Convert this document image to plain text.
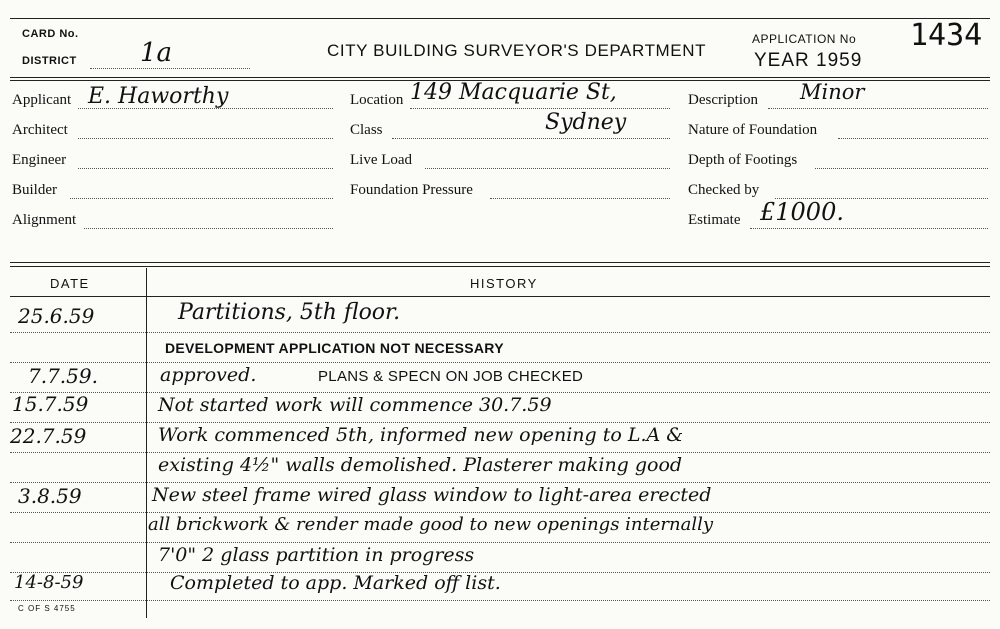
CARD No.
DISTRICT 1a	CITY BUILDING SURVEYOR'S DEPARTMENT
APPLICATION No 1434
YEAR 1959
Applicant E. Haworthy
Architect
Engineer
Builder
Alignment
Location 149 Macquarie St,
Sydney
Class
Live Load
Foundation Pressure
Description Minor
Nature of Foundation
Depth of Footings
Checked by
Estimate £1000.
DATE	HISTORY
25.6.59	Partitions, 5th floor.
DEVELOPMENT APPLICATION NOT NECESSARY
7.7.59.	approved.	PLANS & SPECN ON JOB CHECKED
15.7.59	Not started work will commence 30.7.59
22.7.59	Work commenced 5th, informed new opening to L.A &
existing 4½" walls demolished. Plasterer making good
3.8.59	New steel frame wired glass window to light-area erected
all brickwork & render made good to new openings internally
7'0" 2 glass partition in progress
14-8-59	Completed to app. Marked off list.
C OF S 4755
